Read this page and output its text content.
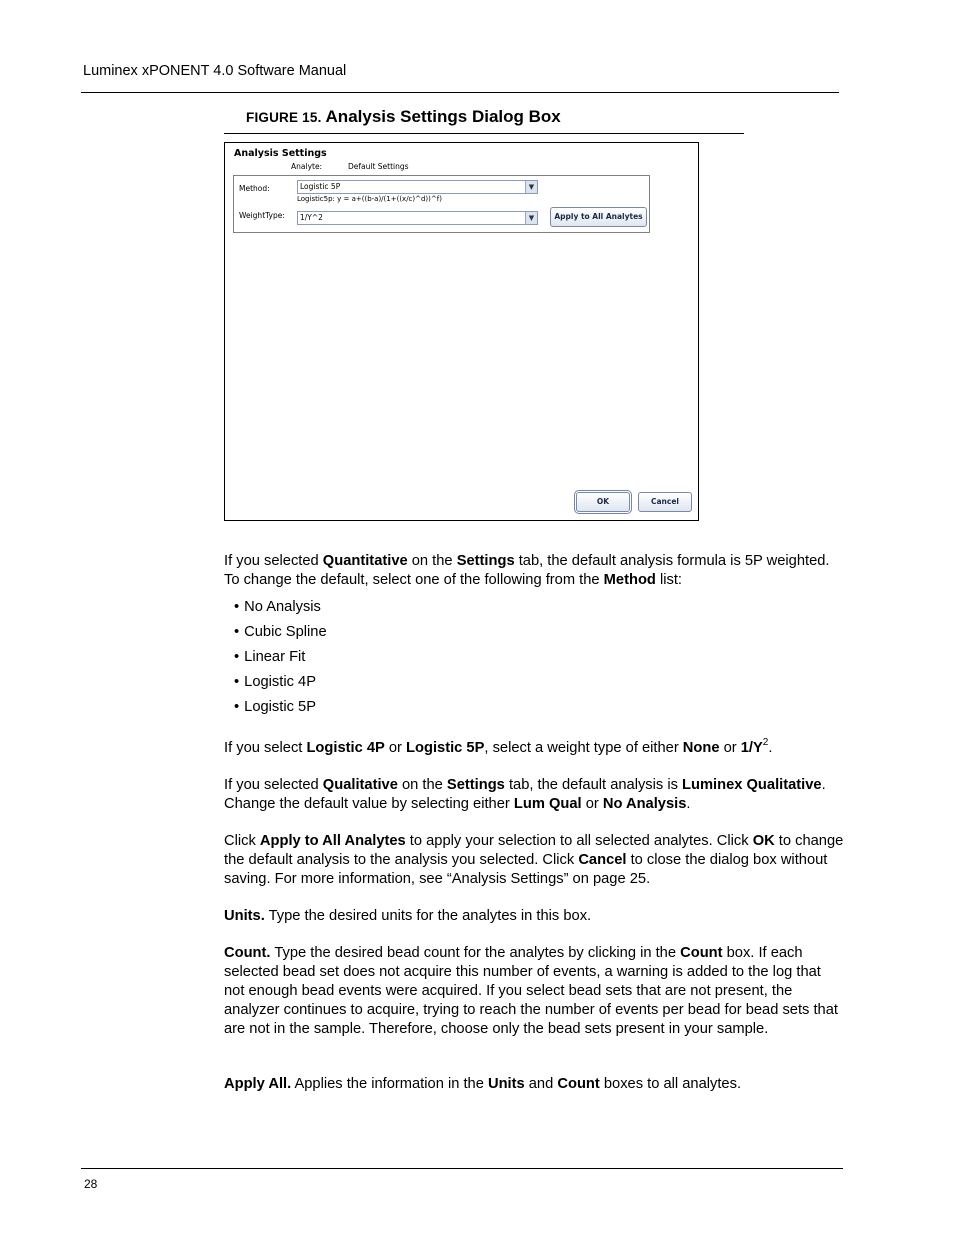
Luminex xPONENT 4.0 Software Manual
FIGURE 15. Analysis Settings Dialog Box
Analysis Settings
Analyte:	Default Settings
Method:	Logistic 5P	▼
Logistic5p: y = a+((b-a)/(1+((x/c)^d))^f)
WeightType: 1/Y^2	▼	Apply to All Analytes
OK	Cancel

If you selected Quantitative on the Settings tab, the default analysis formula is 5P weighted. To change the default, select one of the following from the Method list:

• No Analysis
• Cubic Spline
• Linear Fit
• Logistic 4P
• Logistic 5P

If you select Logistic 4P or Logistic 5P, select a weight type of either None or $1/Y^2$.

If you selected Qualitative on the Settings tab, the default analysis is Luminex Qualitative. Change the default value by selecting either Lum Qual or No Analysis.

Click Apply to All Analytes to apply your selection to all selected analytes. Click OK to change the default analysis to the analysis you selected. Click Cancel to close the dialog box without saving. For more information, see “Analysis Settings” on page 25.

Units. Type the desired units for the analytes in this box.

Count. Type the desired bead count for the analytes by clicking in the Count box. If each selected bead set does not acquire this number of events, a warning is added to the log that not enough bead events were acquired. If you select bead sets that are not present, the analyzer continues to acquire, trying to reach the number of events per bead for bead sets that are not in the sample. Therefore, choose only the bead sets present in your sample.

Apply All. Applies the information in the Units and Count boxes to all analytes.

28
